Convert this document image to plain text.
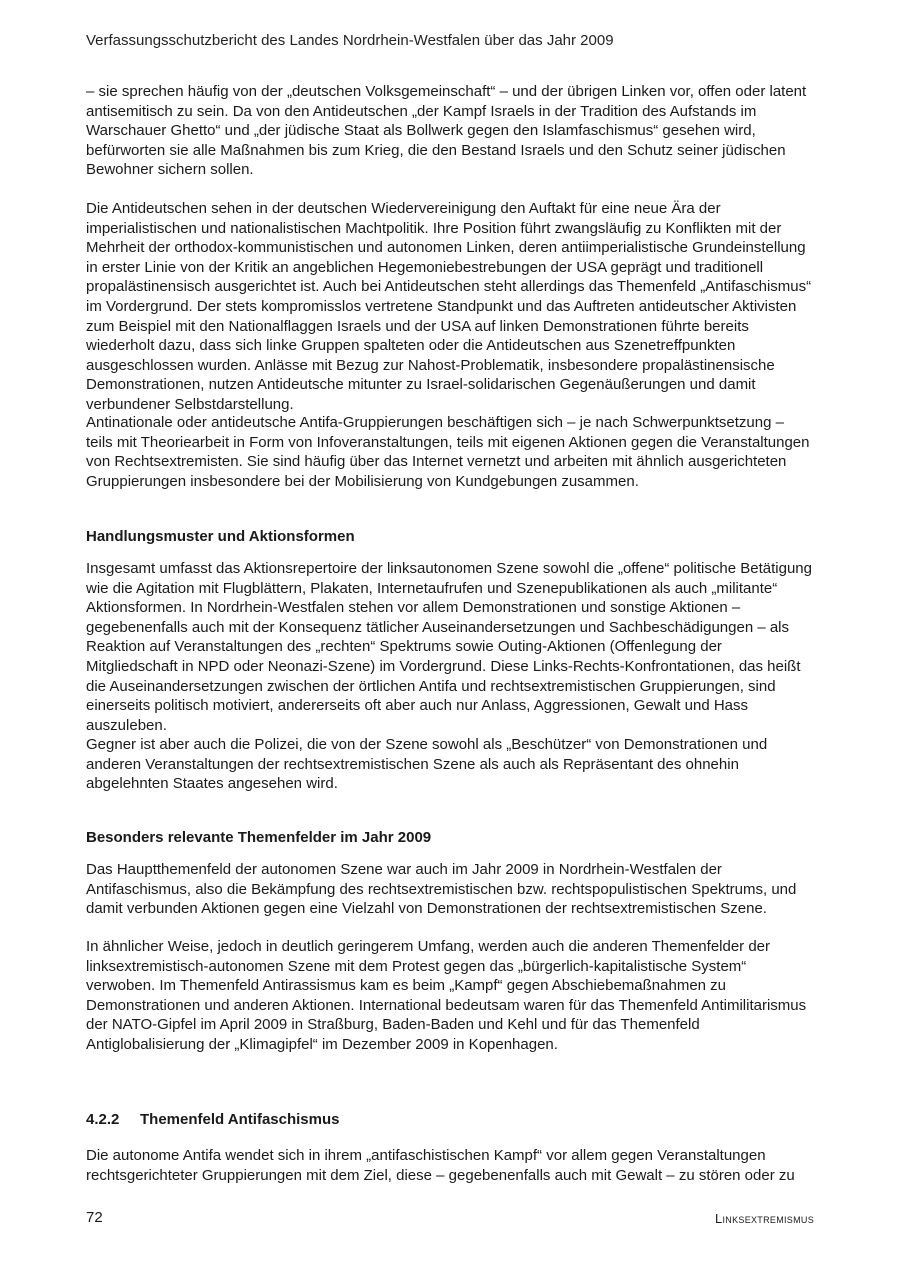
Verfassungsschutzbericht des Landes Nordrhein-Westfalen über das Jahr 2009

– sie sprechen häufig von der „deutschen Volksgemeinschaft“ – und der übrigen Linken vor, offen oder latent antisemitisch zu sein. Da von den Antideutschen „der Kampf Israels in der Tradition des Aufstands im Warschauer Ghetto“ und „der jüdische Staat als Bollwerk gegen den Islamfaschismus“ gesehen wird, befürworten sie alle Maßnahmen bis zum Krieg, die den Bestand Israels und den Schutz seiner jüdischen Bewohner sichern sollen.

Die Antideutschen sehen in der deutschen Wiedervereinigung den Auftakt für eine neue Ära der imperialistischen und nationalistischen Machtpolitik. Ihre Position führt zwangsläufig zu Konflikten mit der Mehrheit der orthodox-kommunistischen und autonomen Linken, deren antiimperialistische Grundeinstellung in erster Linie von der Kritik an angeblichen Hegemoniebestrebungen der USA geprägt und traditionell propalästinensisch ausgerichtet ist. Auch bei Antideutschen steht allerdings das Themenfeld „Antifaschismus“ im Vordergrund. Der stets kompromisslos vertretene Standpunkt und das Auftreten antideutscher Aktivisten zum Beispiel mit den Nationalflaggen Israels und der USA auf linken Demonstrationen führte bereits wiederholt dazu, dass sich linke Gruppen spalteten oder die Antideutschen aus Szenetreffpunkten ausgeschlossen wurden. Anlässe mit Bezug zur Nahost-Problematik, insbesondere propalästinensische Demonstrationen, nutzen Antideutsche mitunter zu Israel-solidarischen Gegenäußerungen und damit verbundener Selbstdarstellung.

Antinationale oder antideutsche Antifa-Gruppierungen beschäftigen sich – je nach Schwerpunktsetzung – teils mit Theoriearbeit in Form von Infoveranstaltungen, teils mit eigenen Aktionen gegen die Veranstaltungen von Rechtsextremisten. Sie sind häufig über das Internet vernetzt und arbeiten mit ähnlich ausgerichteten Gruppierungen insbesondere bei der Mobilisierung von Kundgebungen zusammen.

Handlungsmuster und Aktionsformen

Insgesamt umfasst das Aktionsrepertoire der linksautonomen Szene sowohl die „offene“ politische Betätigung wie die Agitation mit Flugblättern, Plakaten, Internetaufrufen und Szenepublikationen als auch „militante“ Aktionsformen. In Nordrhein-Westfalen stehen vor allem Demonstrationen und sonstige Aktionen – gegebenenfalls auch mit der Konsequenz tätlicher Auseinandersetzungen und Sachbeschädigungen – als Reaktion auf Veranstaltungen des „rechten“ Spektrums sowie Outing-Aktionen (Offenlegung der Mitgliedschaft in NPD oder Neonazi-Szene) im Vordergrund. Diese Links-Rechts-Konfrontationen, das heißt die Auseinandersetzungen zwischen der örtlichen Antifa und rechtsextremistischen Gruppierungen, sind einerseits politisch motiviert, andererseits oft aber auch nur Anlass, Aggressionen, Gewalt und Hass auszuleben.

Gegner ist aber auch die Polizei, die von der Szene sowohl als „Beschützer“ von Demonstrationen und anderen Veranstaltungen der rechtsextremistischen Szene als auch als Repräsentant des ohnehin abgelehnten Staates angesehen wird.

Besonders relevante Themenfelder im Jahr 2009

Das Hauptthemenfeld der autonomen Szene war auch im Jahr 2009 in Nordrhein-Westfalen der Antifaschismus, also die Bekämpfung des rechtsextremistischen bzw. rechtspopulistischen Spektrums, und damit verbunden Aktionen gegen eine Vielzahl von Demonstrationen der rechtsextremistischen Szene.

In ähnlicher Weise, jedoch in deutlich geringerem Umfang, werden auch die anderen Themenfelder der linksextremistisch-autonomen Szene mit dem Protest gegen das „bürgerlich-kapitalistische System“ verwoben. Im Themenfeld Antirassismus kam es beim „Kampf“ gegen Abschiebemaßnahmen zu Demonstrationen und anderen Aktionen. International bedeutsam waren für das Themenfeld Antimilitarismus der NATO-Gipfel im April 2009 in Straßburg, Baden-Baden und Kehl und für das Themenfeld Antiglobalisierung der „Klimagipfel“ im Dezember 2009 in Kopenhagen.

4.2.2 Themenfeld Antifaschismus

Die autonome Antifa wendet sich in ihrem „antifaschistischen Kampf“ vor allem gegen Veranstaltungen rechtsgerichteter Gruppierungen mit dem Ziel, diese – gegebenenfalls auch mit Gewalt – zu stören oder zu

72	Linksextremismus
